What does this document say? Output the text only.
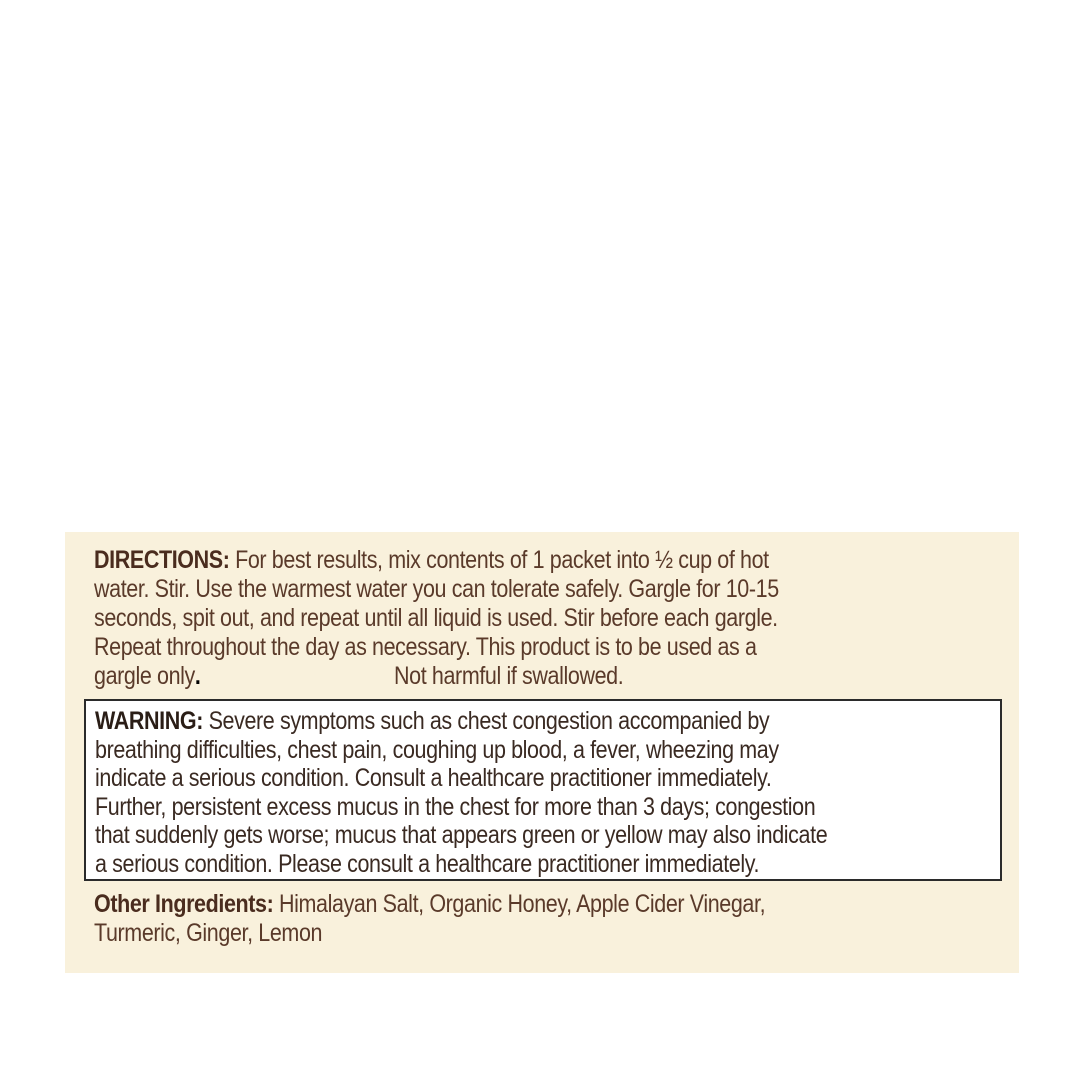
DIRECTIONS: For best results, mix contents of 1 packet into ½ cup of hot
water. Stir. Use the warmest water you can tolerate safely. Gargle for 10-15
seconds, spit out, and repeat until all liquid is used. Stir before each gargle.
Repeat throughout the day as necessary. This product is to be used as a
gargle only.	Not harmful if swallowed.
WARNING: Severe symptoms such as chest congestion accompanied by
breathing difficulties, chest pain, coughing up blood, a fever, wheezing may
indicate a serious condition. Consult a healthcare practitioner immediately.
Further, persistent excess mucus in the chest for more than 3 days; congestion
that suddenly gets worse; mucus that appears green or yellow may also indicate
a serious condition. Please consult a healthcare practitioner immediately.
Other Ingredients: Himalayan Salt, Organic Honey, Apple Cider Vinegar,
Turmeric, Ginger, Lemon
